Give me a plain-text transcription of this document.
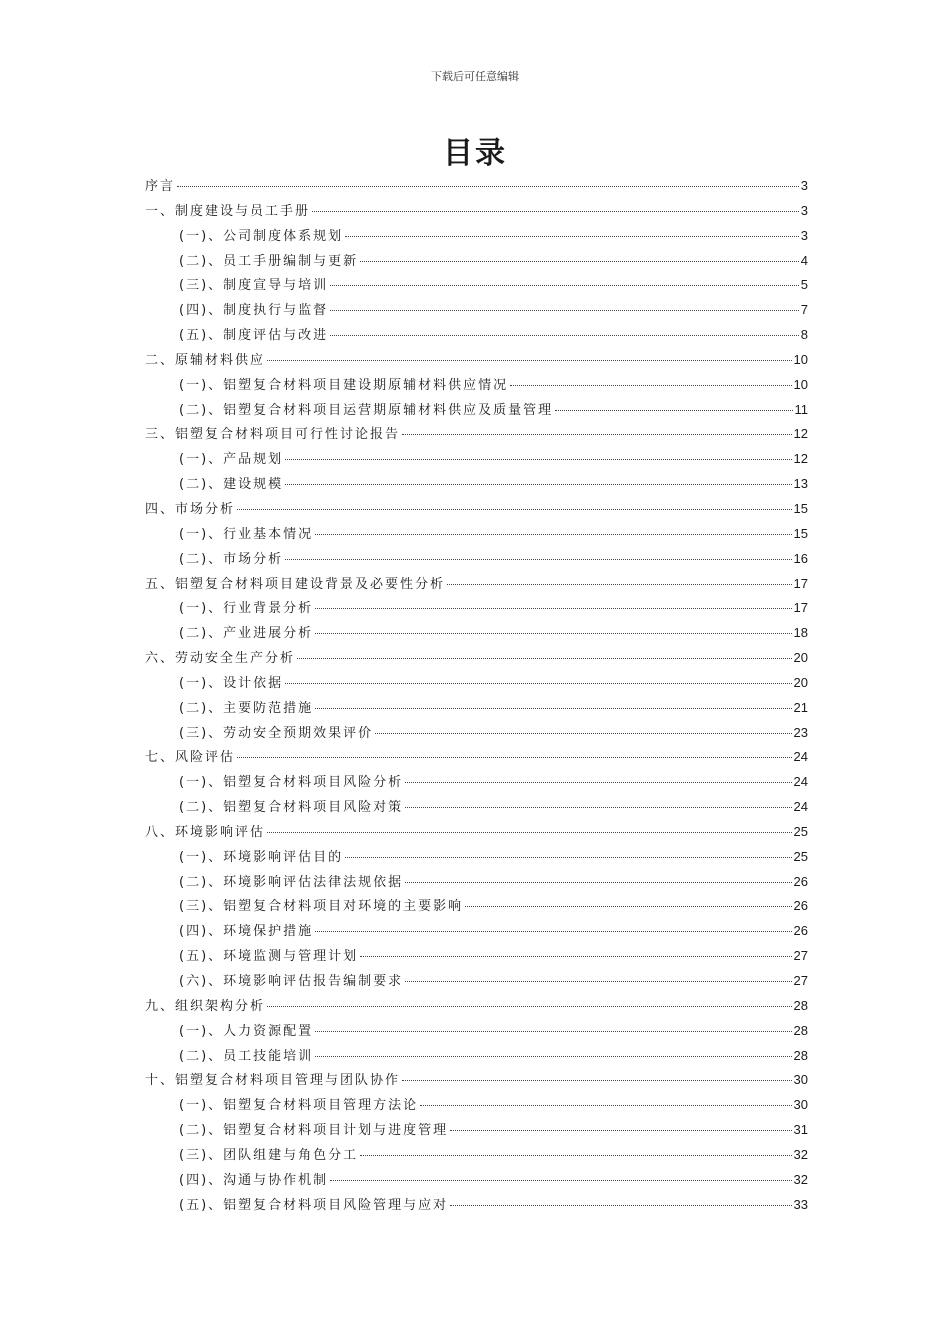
下载后可任意编辑
目录
序言	3
一、制度建设与员工手册	3
(一)、公司制度体系规划	3
(二)、员工手册编制与更新	4
(三)、制度宣导与培训	5
(四)、制度执行与监督	7
(五)、制度评估与改进	8
二、原辅材料供应	10
(一)、铝塑复合材料项目建设期原辅材料供应情况	10
(二)、铝塑复合材料项目运营期原辅材料供应及质量管理	11
三、铝塑复合材料项目可行性讨论报告	12
(一)、产品规划	12
(二)、建设规模	13
四、市场分析	15
(一)、行业基本情况	15
(二)、市场分析	16
五、铝塑复合材料项目建设背景及必要性分析	17
(一)、行业背景分析	17
(二)、产业进展分析	18
六、劳动安全生产分析	20
(一)、设计依据	20
(二)、主要防范措施	21
(三)、劳动安全预期效果评价	23
七、风险评估	24
(一)、铝塑复合材料项目风险分析	24
(二)、铝塑复合材料项目风险对策	24
八、环境影响评估	25
(一)、环境影响评估目的	25
(二)、环境影响评估法律法规依据	26
(三)、铝塑复合材料项目对环境的主要影响	26
(四)、环境保护措施	26
(五)、环境监测与管理计划	27
(六)、环境影响评估报告编制要求	27
九、组织架构分析	28
(一)、人力资源配置	28
(二)、员工技能培训	28
十、铝塑复合材料项目管理与团队协作	30
(一)、铝塑复合材料项目管理方法论	30
(二)、铝塑复合材料项目计划与进度管理	31
(三)、团队组建与角色分工	32
(四)、沟通与协作机制	32
(五)、铝塑复合材料项目风险管理与应对	33
